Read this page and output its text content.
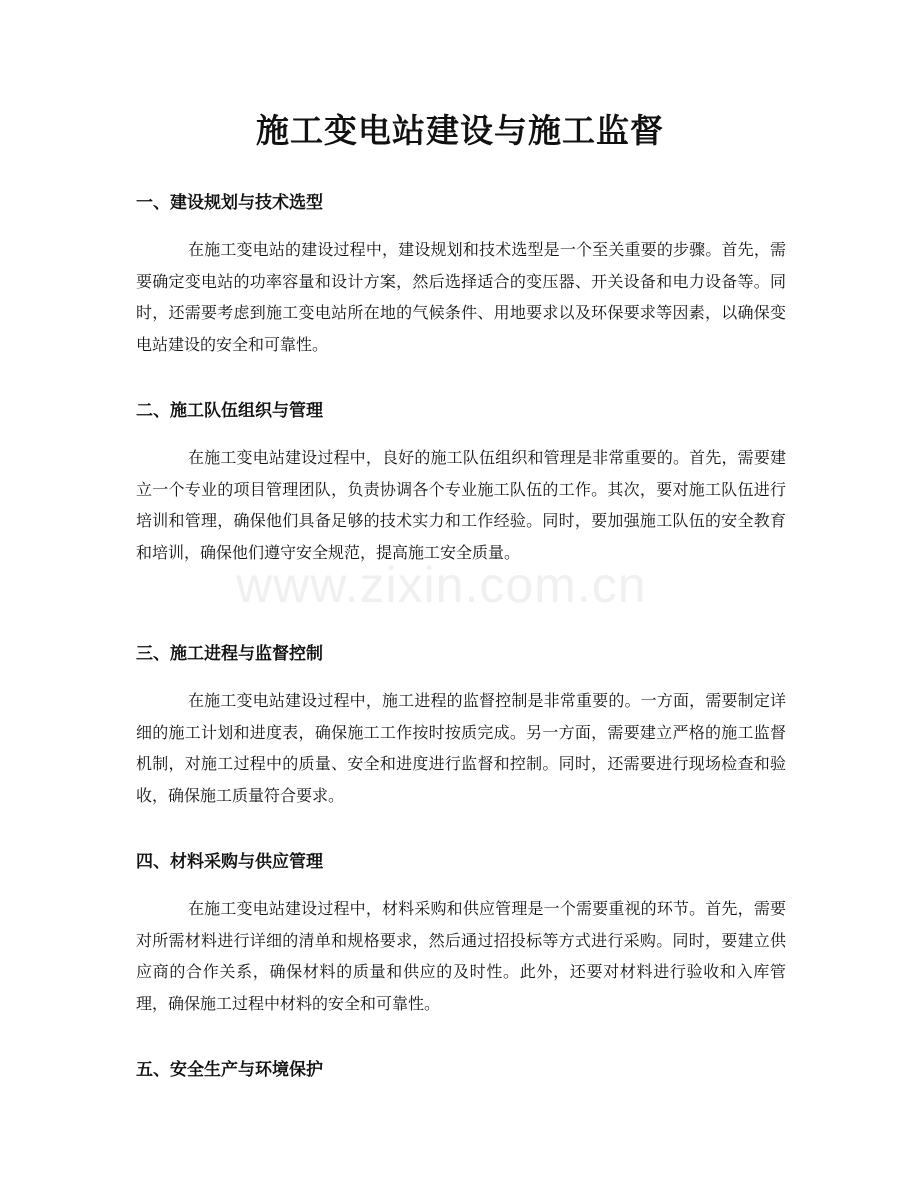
施工变电站建设与施工监督
一、建设规划与技术选型

在施工变电站的建设过程中，建设规划和技术选型是一个至关重要的步骤。首先，需要确定变电站的功率容量和设计方案，然后选择适合的变压器、开关设备和电力设备等。同时，还需要考虑到施工变电站所在地的气候条件、用地要求以及环保要求等因素，以确保变电站建设的安全和可靠性。

二、施工队伍组织与管理

在施工变电站建设过程中，良好的施工队伍组织和管理是非常重要的。首先，需要建立一个专业的项目管理团队，负责协调各个专业施工队伍的工作。其次，要对施工队伍进行培训和管理，确保他们具备足够的技术实力和工作经验。同时，要加强施工队伍的安全教育和培训，确保他们遵守安全规范，提高施工安全质量。

三、施工进程与监督控制

在施工变电站建设过程中，施工进程的监督控制是非常重要的。一方面，需要制定详细的施工计划和进度表，确保施工工作按时按质完成。另一方面，需要建立严格的施工监督机制，对施工过程中的质量、安全和进度进行监督和控制。同时，还需要进行现场检查和验收，确保施工质量符合要求。

四、材料采购与供应管理

在施工变电站建设过程中，材料采购和供应管理是一个需要重视的环节。首先，需要对所需材料进行详细的清单和规格要求，然后通过招投标等方式进行采购。同时，要建立供应商的合作关系，确保材料的质量和供应的及时性。此外，还要对材料进行验收和入库管理，确保施工过程中材料的安全和可靠性。

五、安全生产与环境保护
www.zixin.com.cn
